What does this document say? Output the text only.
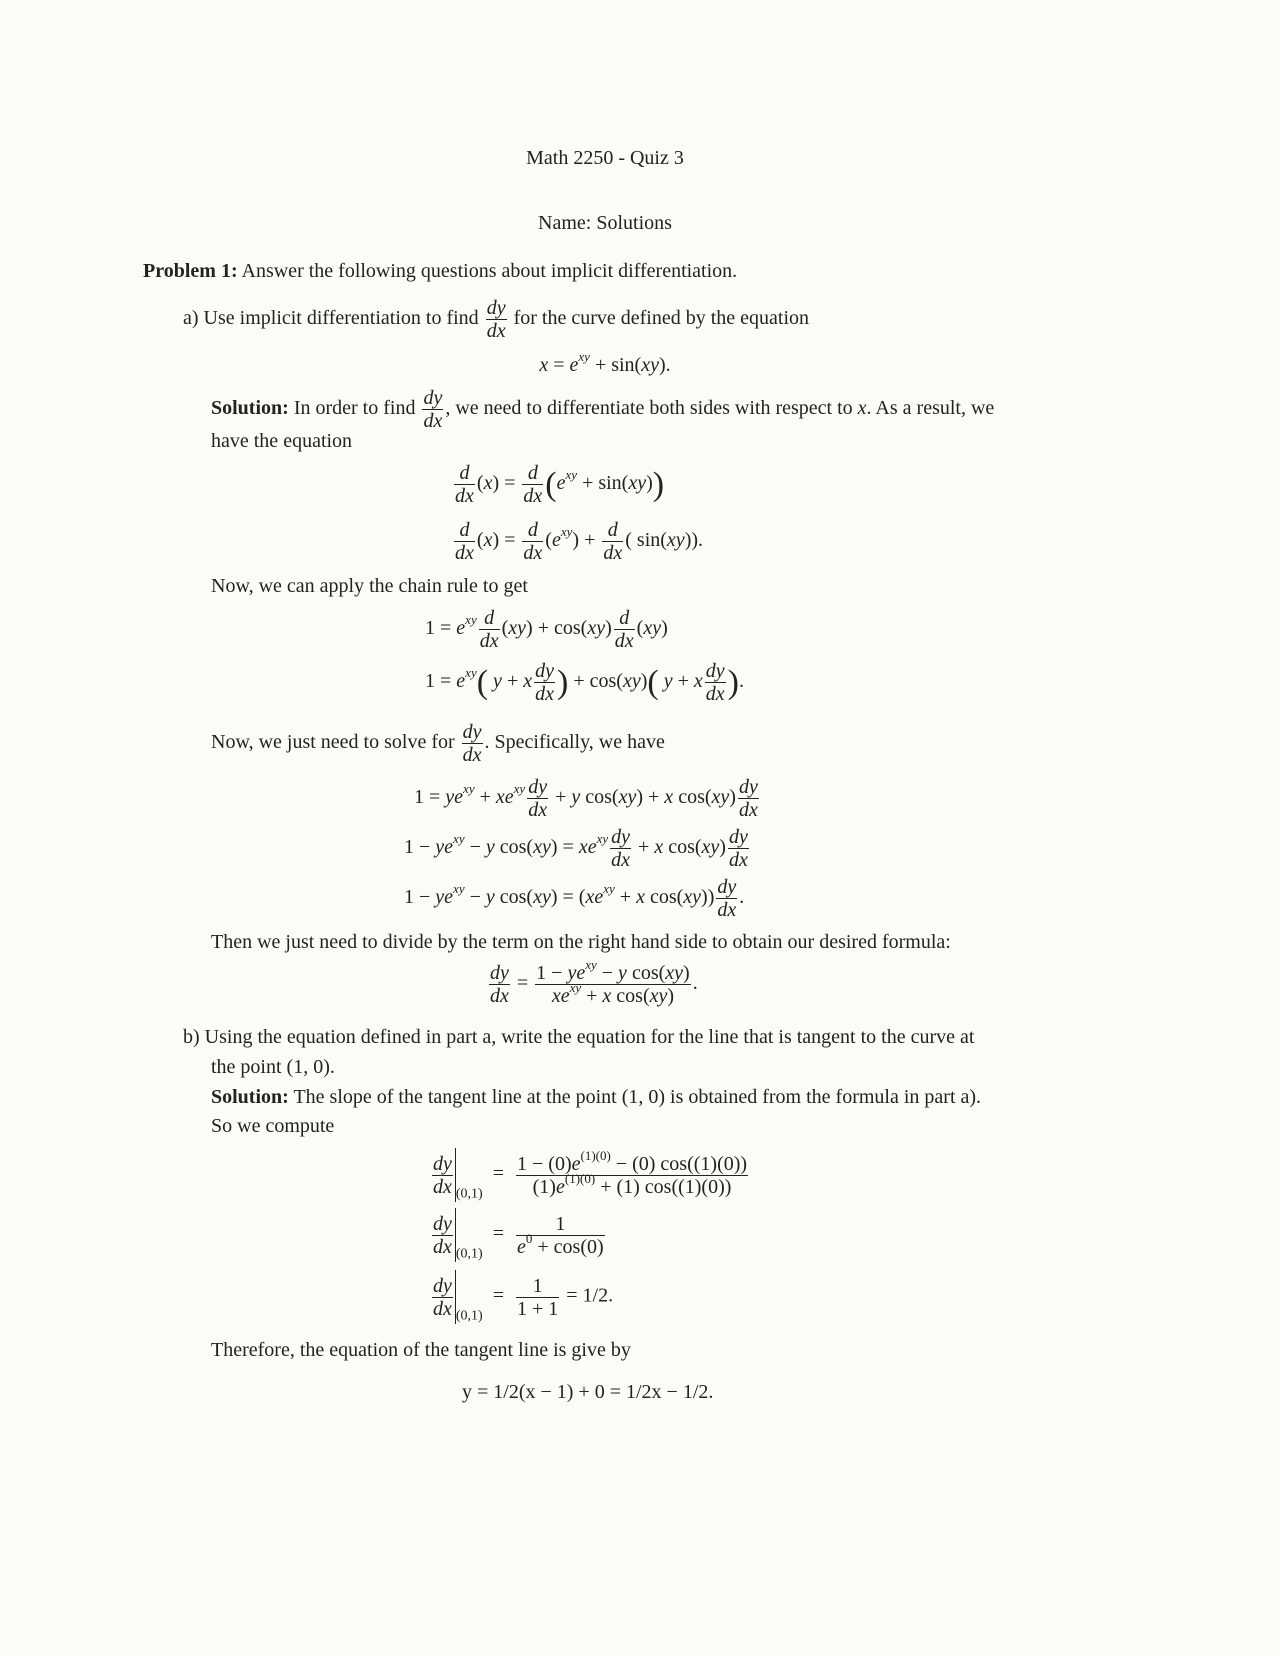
Math 2250 - Quiz 3
Name: Solutions
Problem 1: Answer the following questions about implicit differentiation.
a) Use implicit differentiation to find $\frac{dy}{dx}$ for the curve defined by the equation
$x = e^{xy} + \sin(xy)$.
Solution: In order to find $\frac{dy}{dx}$ , we need to differentiate both sides with respect to x. As a result, we
have the equation
$\frac{d}{dx} (x) = \frac{d}{dx} (e^{xy} + \sin(xy))$
$\frac{d}{dx} (x) = \frac{d}{dx} (e^{xy}) + \frac{d}{dx}$ ( sin(xy)).
Now, we can apply the chain rule to get
$1 = e^{xy} \frac{d}{dx} (xy) + \cos(xy) \frac{d}{dx} (xy)$
$1 = e^{xy}$( y + x $\frac{dy}{dx}$ ) + cos(xy)( y + x $\frac{dy}{dx}$ ).
Now, we just need to solve for $\frac{dy}{dx}$ . Specifically, we have
$1 = ye^{xy} + xe^{xy} \frac{dy}{dx} + y$ cos(xy) + x $\cos(xy) \frac{dy}{dx}$
$1 - ye^{xy} - y$ $\cos(xy) = xe^{xy} \frac{dy}{dx} + x$ $\cos(xy) \frac{dy}{dx}$
$1 - ye^{xy} - y$ $\cos(xy) = (xe^{xy} + x$ $\cos(xy)) \frac{dy}{dx}$ .
Then we just need to divide by the term on the right hand side to obtain our desired formula:
$\frac{dy}{dx} = \frac{1 - ye^{xy} - y \cos(xy)}{xe^{xy} + x \cos(xy)}$ .
b) Using the equation defined in part a, write the equation for the line that is tangent to the curve at
the point (1, 0).
Solution: The slope of the tangent line at the point (1, 0) is obtained from the formula in part a).
So we compute
$\frac{dy}{dx} _{(0,1)} = \frac{1 - (0)e^{(1)(0)} - (0) \cos((1)(0))}{(1)e^{(1)(0)} + (1) \cos((1)(0))}$
$\frac{dy}{dx} _{(0,1)} = \frac{1}{e^0 + \cos(0)}$
$\frac{dy}{dx} _{(0,1)} = \frac{1}{1 + 1} = 1/2$.
Therefore, the equation of the tangent line is give by
y = 1/2(x − 1) + 0 = 1/2x − 1/2.
